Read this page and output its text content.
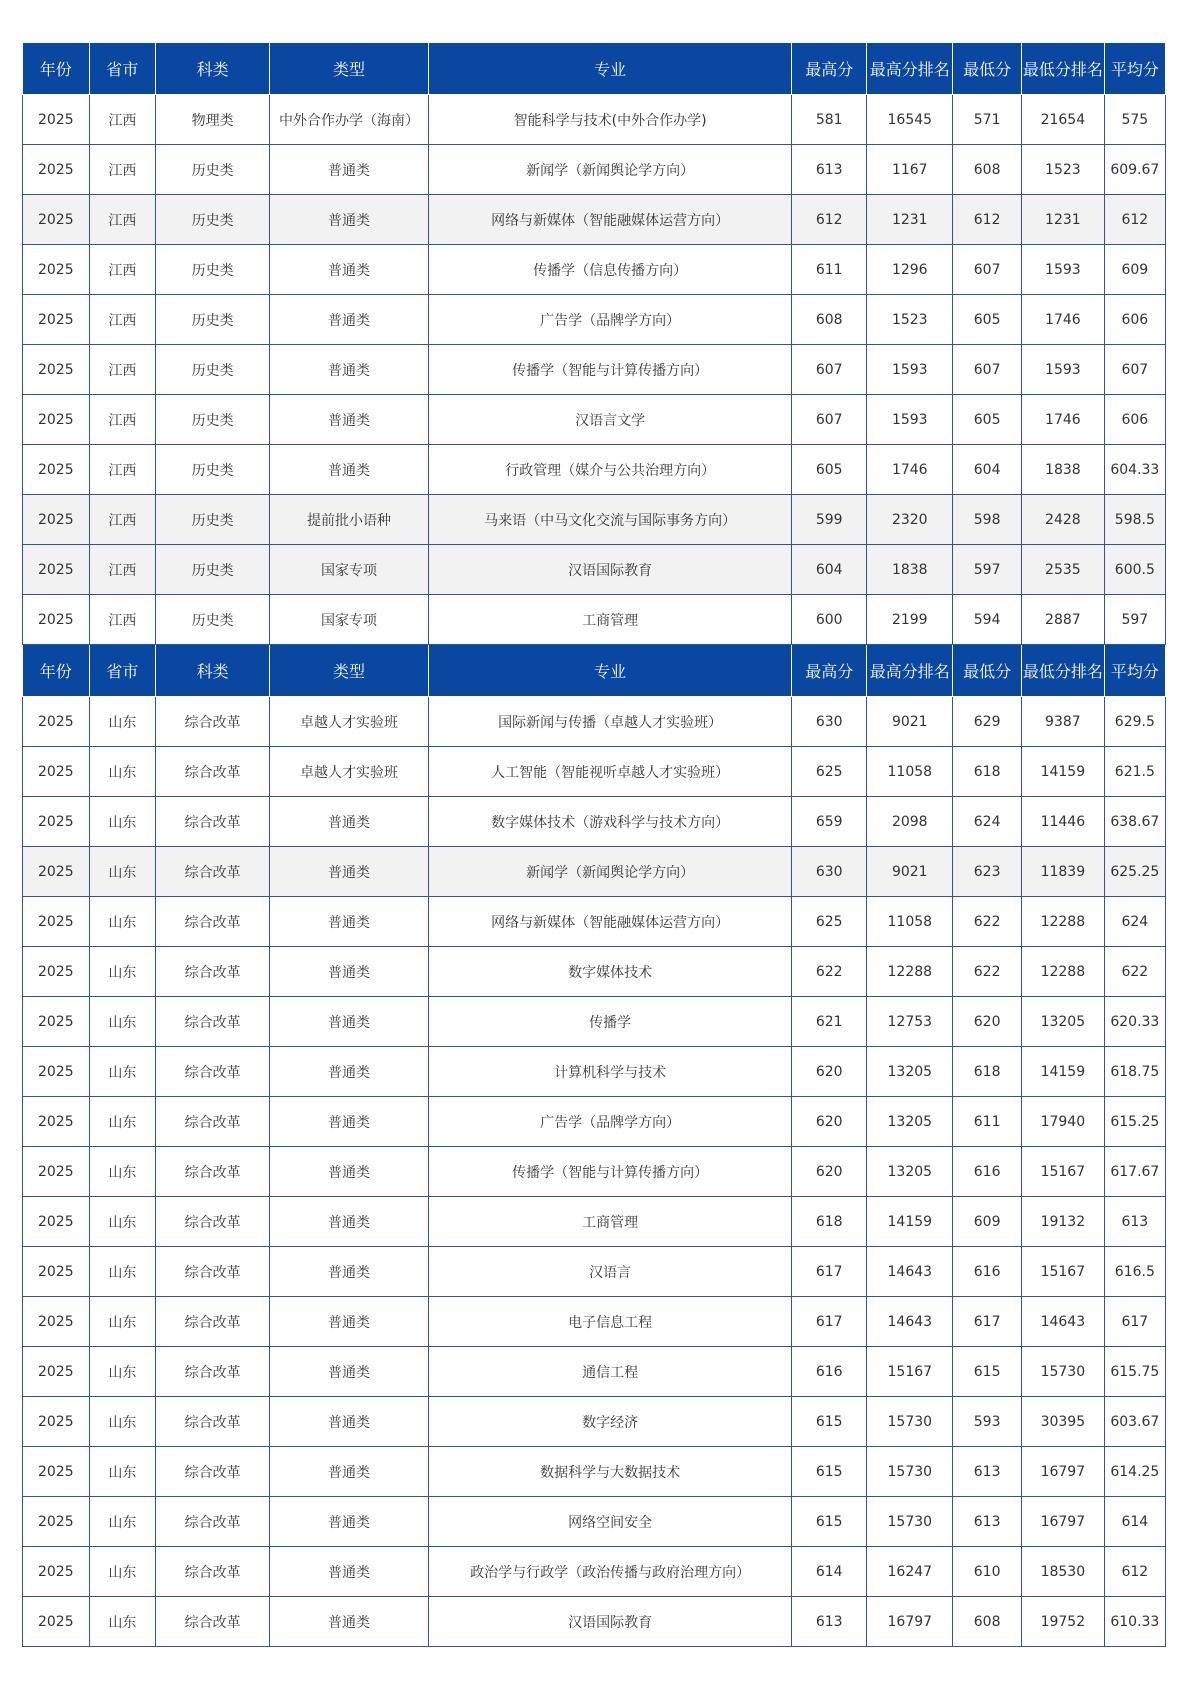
年份	省市	科类	类型	专业	最高分	最高分排名	最低分	最低分排名	平均分
2025	江西	物理类	中外合作办学（海南）	智能科学与技术(中外合作办学)	581	16545	571	21654	575
2025	江西	历史类	普通类	新闻学（新闻舆论学方向）	613	1167	608	1523	609.67
2025	江西	历史类	普通类	网络与新媒体（智能融媒体运营方向）	612	1231	612	1231	612
2025	江西	历史类	普通类	传播学（信息传播方向）	611	1296	607	1593	609
2025	江西	历史类	普通类	广告学（品牌学方向）	608	1523	605	1746	606
2025	江西	历史类	普通类	传播学（智能与计算传播方向）	607	1593	607	1593	607
2025	江西	历史类	普通类	汉语言文学	607	1593	605	1746	606
2025	江西	历史类	普通类	行政管理（媒介与公共治理方向）	605	1746	604	1838	604.33
2025	江西	历史类	提前批小语种	马来语（中马文化交流与国际事务方向）	599	2320	598	2428	598.5
2025	江西	历史类	国家专项	汉语国际教育	604	1838	597	2535	600.5
2025	江西	历史类	国家专项	工商管理	600	2199	594	2887	597
年份	省市	科类	类型	专业	最高分	最高分排名	最低分	最低分排名	平均分
2025	山东	综合改革	卓越人才实验班	国际新闻与传播（卓越人才实验班）	630	9021	629	9387	629.5
2025	山东	综合改革	卓越人才实验班	人工智能（智能视听卓越人才实验班）	625	11058	618	14159	621.5
2025	山东	综合改革	普通类	数字媒体技术（游戏科学与技术方向）	659	2098	624	11446	638.67
2025	山东	综合改革	普通类	新闻学（新闻舆论学方向）	630	9021	623	11839	625.25
2025	山东	综合改革	普通类	网络与新媒体（智能融媒体运营方向）	625	11058	622	12288	624
2025	山东	综合改革	普通类	数字媒体技术	622	12288	622	12288	622
2025	山东	综合改革	普通类	传播学	621	12753	620	13205	620.33
2025	山东	综合改革	普通类	计算机科学与技术	620	13205	618	14159	618.75
2025	山东	综合改革	普通类	广告学（品牌学方向）	620	13205	611	17940	615.25
2025	山东	综合改革	普通类	传播学（智能与计算传播方向）	620	13205	616	15167	617.67
2025	山东	综合改革	普通类	工商管理	618	14159	609	19132	613
2025	山东	综合改革	普通类	汉语言	617	14643	616	15167	616.5
2025	山东	综合改革	普通类	电子信息工程	617	14643	617	14643	617
2025	山东	综合改革	普通类	通信工程	616	15167	615	15730	615.75
2025	山东	综合改革	普通类	数字经济	615	15730	593	30395	603.67
2025	山东	综合改革	普通类	数据科学与大数据技术	615	15730	613	16797	614.25
2025	山东	综合改革	普通类	网络空间安全	615	15730	613	16797	614
2025	山东	综合改革	普通类	政治学与行政学（政治传播与政府治理方向）	614	16247	610	18530	612
2025	山东	综合改革	普通类	汉语国际教育	613	16797	608	19752	610.33
